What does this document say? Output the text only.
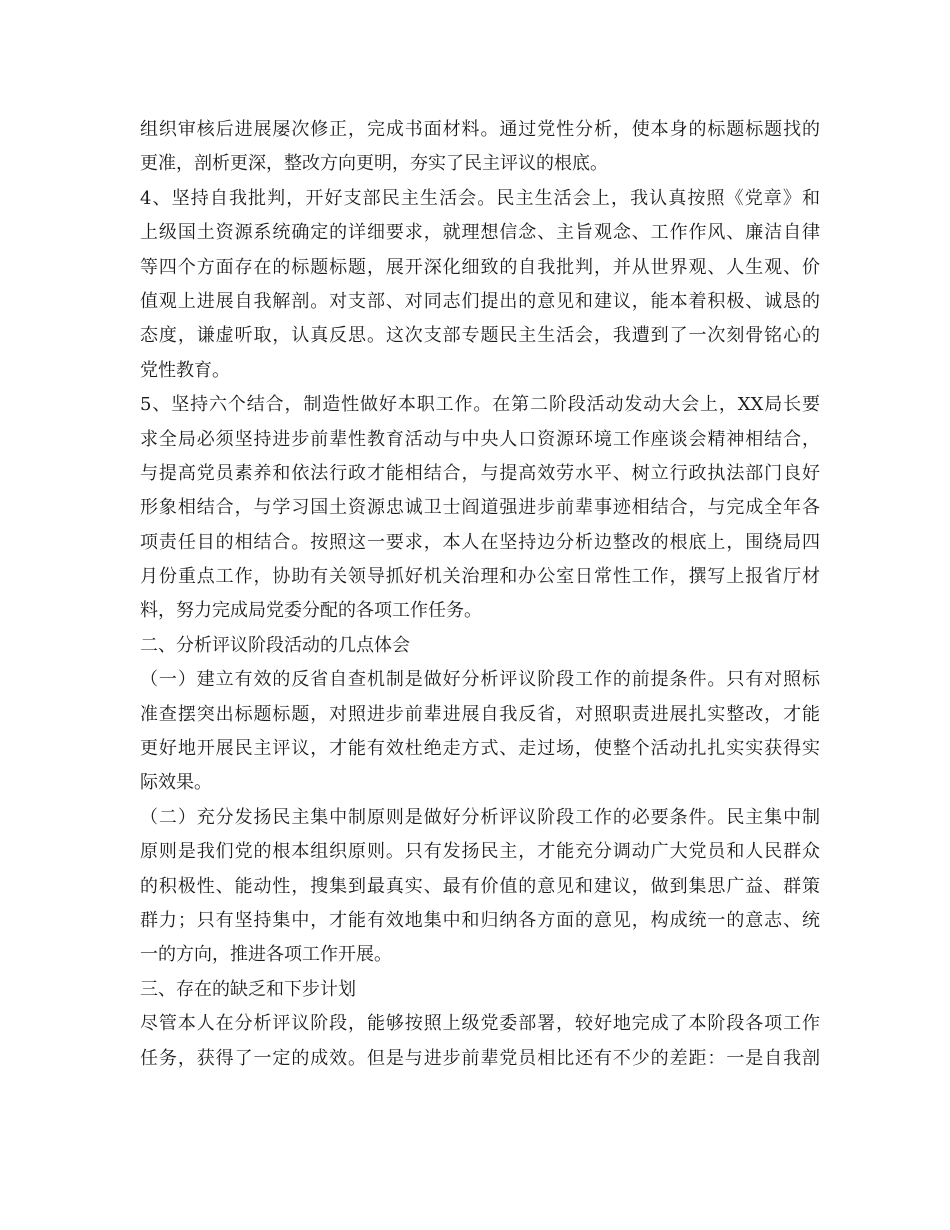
组织审核后进展屡次修正，完成书面材料。通过党性分析，使本身的标题标题找的
更准，剖析更深，整改方向更明，夯实了民主评议的根底。
4、坚持自我批判，开好支部民主生活会。民主生活会上，我认真按照《党章》和
上级国土资源系统确定的详细要求，就理想信念、主旨观念、工作作风、廉洁自律
等四个方面存在的标题标题，展开深化细致的自我批判，并从世界观、人生观、价
值观上进展自我解剖。对支部、对同志们提出的意见和建议，能本着积极、诚恳的
态度，谦虚听取，认真反思。这次支部专题民主生活会，我遭到了一次刻骨铭心的
党性教育。
5、坚持六个结合，制造性做好本职工作。在第二阶段活动发动大会上，XX局长要
求全局必须坚持进步前辈性教育活动与中央人口资源环境工作座谈会精神相结合，
与提高党员素养和依法行政才能相结合，与提高效劳水平、树立行政执法部门良好
形象相结合，与学习国土资源忠诚卫士阎道强进步前辈事迹相结合，与完成全年各
项责任目的相结合。按照这一要求，本人在坚持边分析边整改的根底上，围绕局四
月份重点工作，协助有关领导抓好机关治理和办公室日常性工作，撰写上报省厅材
料，努力完成局党委分配的各项工作任务。
二、分析评议阶段活动的几点体会
（一）建立有效的反省自查机制是做好分析评议阶段工作的前提条件。只有对照标
准查摆突出标题标题，对照进步前辈进展自我反省，对照职责进展扎实整改，才能
更好地开展民主评议，才能有效杜绝走方式、走过场，使整个活动扎扎实实获得实
际效果。
（二）充分发扬民主集中制原则是做好分析评议阶段工作的必要条件。民主集中制
原则是我们党的根本组织原则。只有发扬民主，才能充分调动广大党员和人民群众
的积极性、能动性，搜集到最真实、最有价值的意见和建议，做到集思广益、群策
群力；只有坚持集中，才能有效地集中和归纳各方面的意见，构成统一的意志、统
一的方向，推进各项工作开展。
三、存在的缺乏和下步计划
尽管本人在分析评议阶段，能够按照上级党委部署，较好地完成了本阶段各项工作
任务，获得了一定的成效。但是与进步前辈党员相比还有不少的差距：一是自我剖
